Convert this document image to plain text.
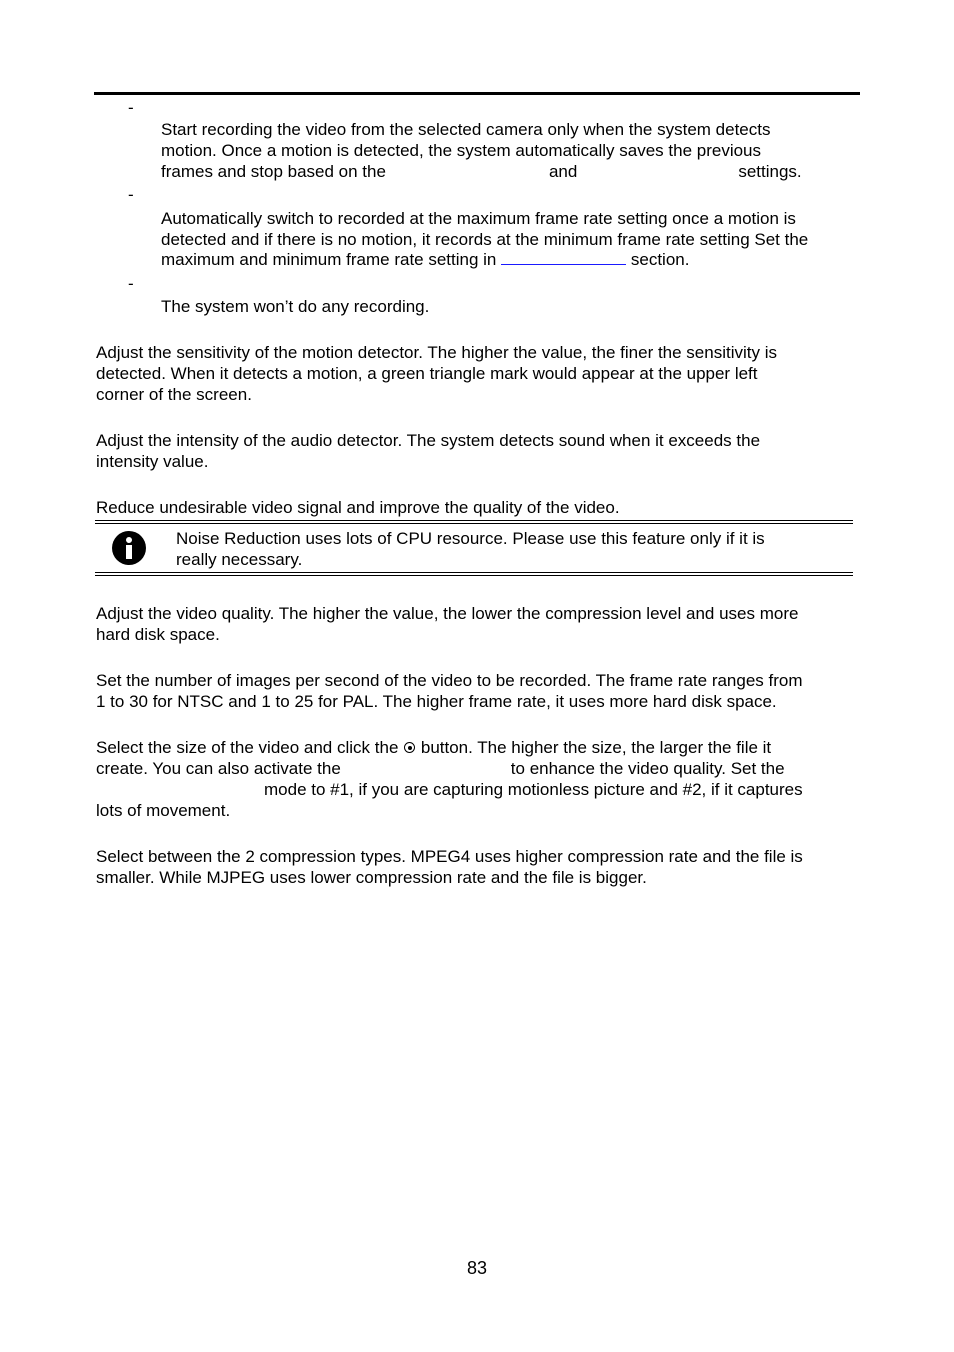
-
Start recording the video from the selected camera only when the system detects
motion. Once a motion is detected, the system automatically saves the previous
frames and stop based on the	and	settings.
-
Automatically switch to recorded at the maximum frame rate setting once a motion is
detected and if there is no motion, it records at the minimum frame rate setting Set the
maximum and minimum frame rate setting in	section.
-
The system won’t do any recording.
Adjust the sensitivity of the motion detector. The higher the value, the finer the sensitivity is
detected. When it detects a motion, a green triangle mark would appear at the upper left
corner of the screen.
Adjust the intensity of the audio detector. The system detects sound when it exceeds the
intensity value.
Reduce undesirable video signal and improve the quality of the video.
Noise Reduction uses lots of CPU resource. Please use this feature only if it is
really necessary.
Adjust the video quality. The higher the value, the lower the compression level and uses more
hard disk space.
Set the number of images per second of the video to be recorded. The frame rate ranges from
1 to 30 for NTSC and 1 to 25 for PAL. The higher frame rate, it uses more hard disk space.
Select the size of the video and click the button. The higher the size, the larger the file it
create. You can also activate the	to enhance the video quality. Set the
mode to #1, if you are capturing motionless picture and #2, if it captures
lots of movement.
Select between the 2 compression types. MPEG4 uses higher compression rate and the file is
smaller. While MJPEG uses lower compression rate and the file is bigger.
83
